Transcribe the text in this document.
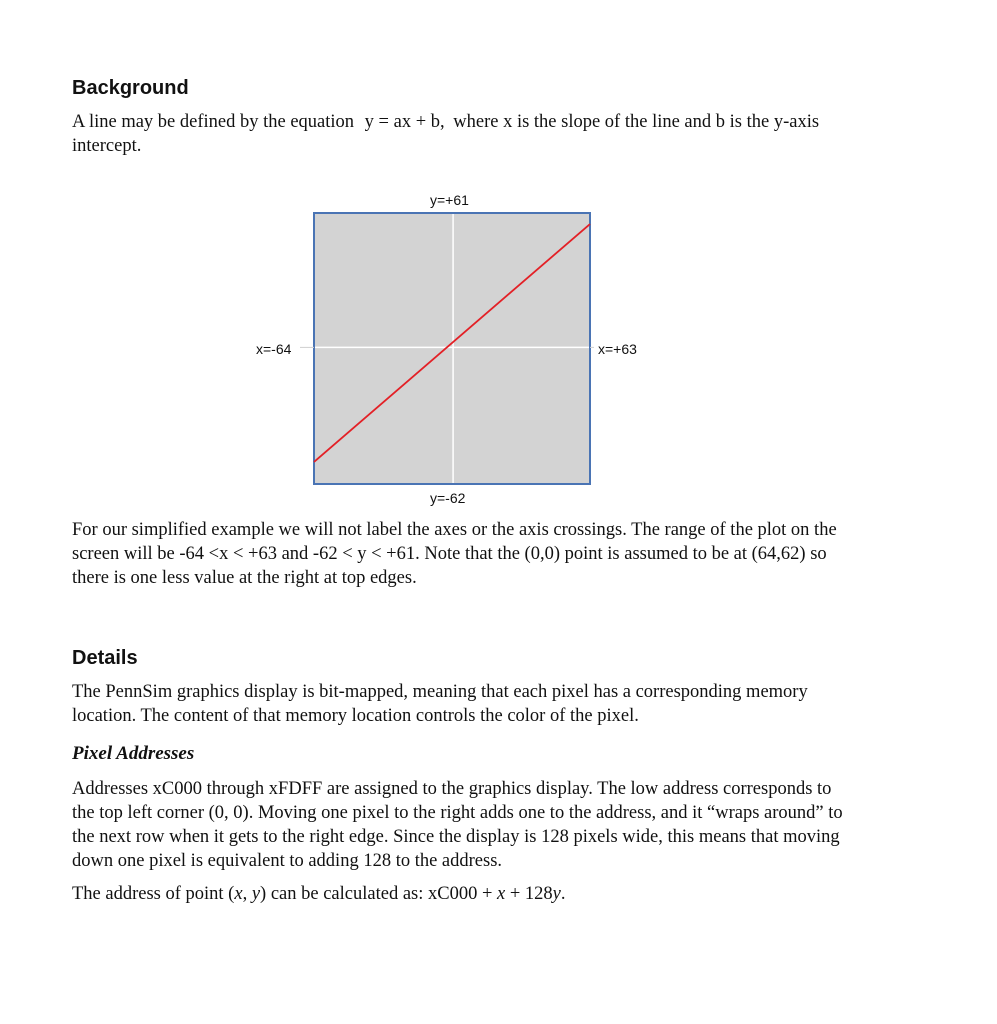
Background

A line may be defined by the equation y = ax + b, where x is the slope of the line and b is the y-axis
intercept.

y=+61
y=-62
x=-64	x=+63

For our simplified example we will not label the axes or the axis crossings. The range of the plot on the
screen will be -64 <x < +63 and -62 < y < +61. Note that the (0,0) point is assumed to be at (64,62) so
there is one less value at the right at top edges.

Details

The PennSim graphics display is bit-mapped, meaning that each pixel has a corresponding memory
location. The content of that memory location controls the color of the pixel.

Pixel Addresses

Addresses xC000 through xFDFF are assigned to the graphics display. The low address corresponds to
the top left corner (0, 0). Moving one pixel to the right adds one to the address, and it “wraps around” to
the next row when it gets to the right edge. Since the display is 128 pixels wide, this means that moving
down one pixel is equivalent to adding 128 to the address.

The address of point (x, y) can be calculated as: xC000 + x + 128y.
